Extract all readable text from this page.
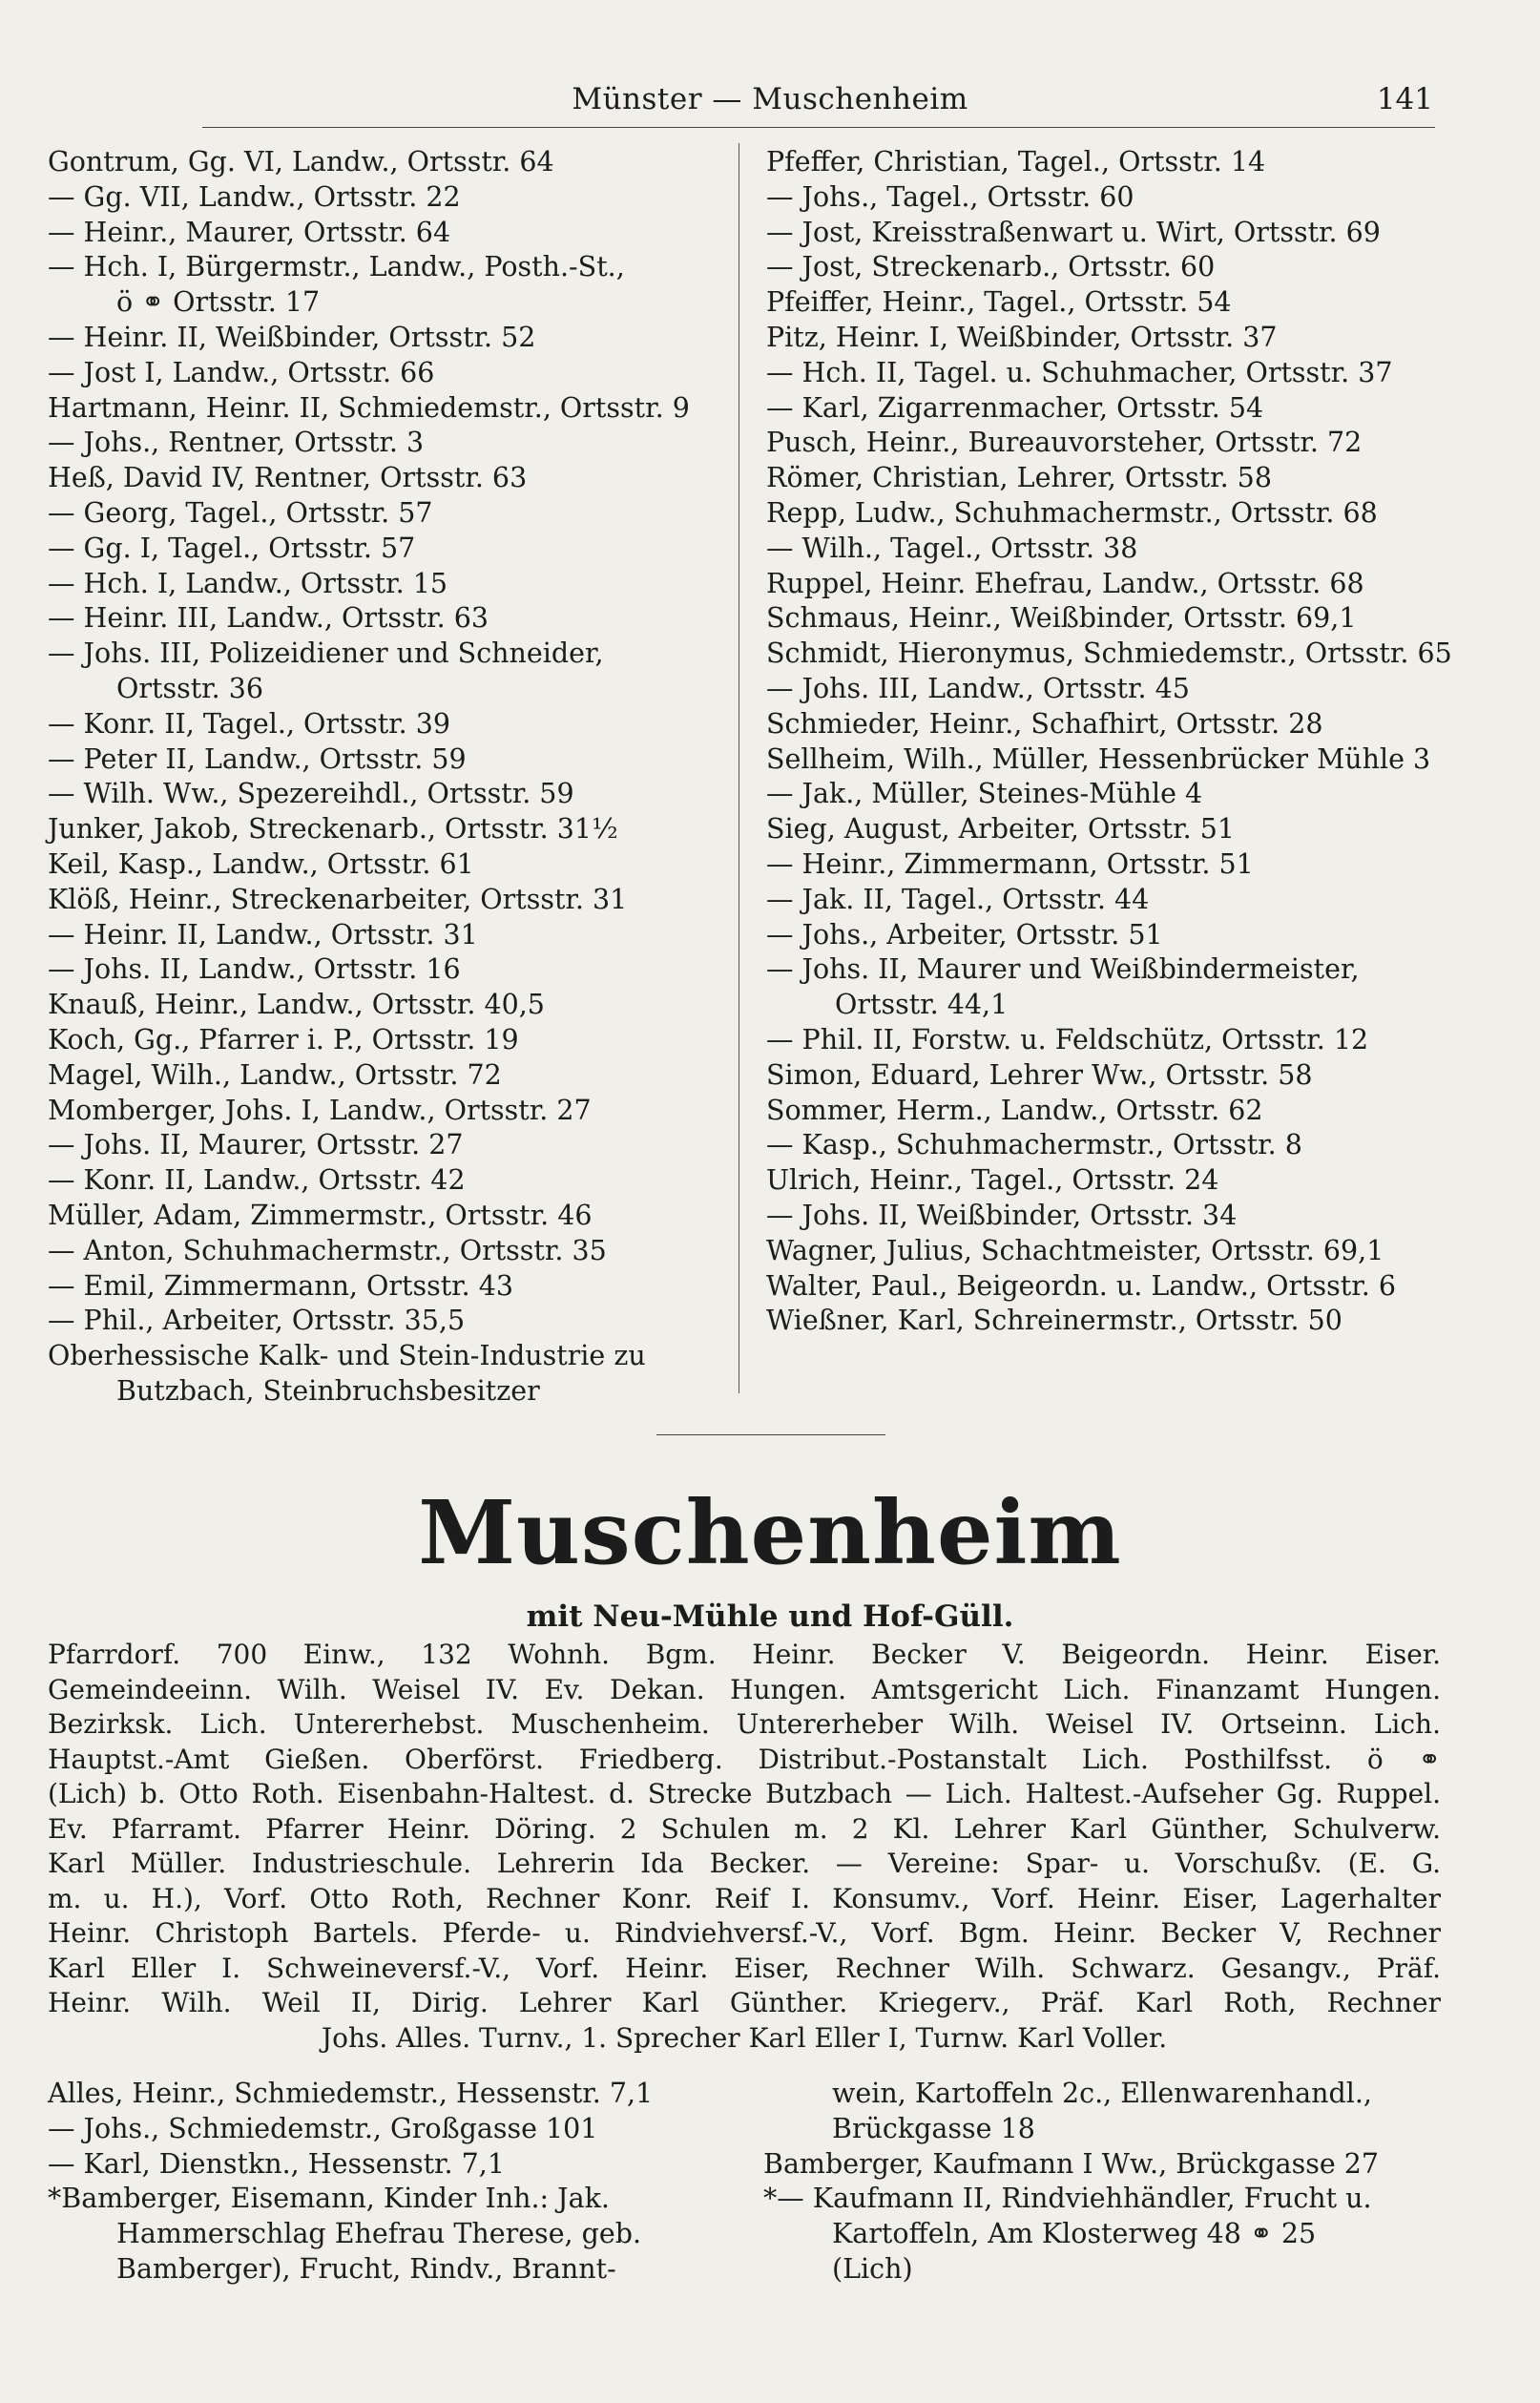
Münster — Muschenheim	141
Gontrum, Gg. VI, Landw., Ortsstr. 64
— Gg. VII, Landw., Ortsstr. 22
— Heinr., Maurer, Ortsstr. 64
— Hch. I, Bürgermstr., Landw., Posth.-St.,
ö ⚭ Ortsstr. 17
— Heinr. II, Weißbinder, Ortsstr. 52
— Jost I, Landw., Ortsstr. 66
Hartmann, Heinr. II, Schmiedemstr., Ortsstr. 9
— Johs., Rentner, Ortsstr. 3
Heß, David IV, Rentner, Ortsstr. 63
— Georg, Tagel., Ortsstr. 57
— Gg. I, Tagel., Ortsstr. 57
— Hch. I, Landw., Ortsstr. 15
— Heinr. III, Landw., Ortsstr. 63
— Johs. III, Polizeidiener und Schneider,
Ortsstr. 36
— Konr. II, Tagel., Ortsstr. 39
— Peter II, Landw., Ortsstr. 59
— Wilh. Ww., Spezereihdl., Ortsstr. 59
Junker, Jakob, Streckenarb., Ortsstr. 31½
Keil, Kasp., Landw., Ortsstr. 61
Klöß, Heinr., Streckenarbeiter, Ortsstr. 31
— Heinr. II, Landw., Ortsstr. 31
— Johs. II, Landw., Ortsstr. 16
Knauß, Heinr., Landw., Ortsstr. 40,5
Koch, Gg., Pfarrer i. P., Ortsstr. 19
Magel, Wilh., Landw., Ortsstr. 72
Momberger, Johs. I, Landw., Ortsstr. 27
— Johs. II, Maurer, Ortsstr. 27
— Konr. II, Landw., Ortsstr. 42
Müller, Adam, Zimmermstr., Ortsstr. 46
— Anton, Schuhmachermstr., Ortsstr. 35
— Emil, Zimmermann, Ortsstr. 43
— Phil., Arbeiter, Ortsstr. 35,5
Oberhessische Kalk- und Stein-Industrie zu
Butzbach, Steinbruchsbesitzer
Pfeffer, Christian, Tagel., Ortsstr. 14
— Johs., Tagel., Ortsstr. 60
— Jost, Kreisstraßenwart u. Wirt, Ortsstr. 69
— Jost, Streckenarb., Ortsstr. 60
Pfeiffer, Heinr., Tagel., Ortsstr. 54
Pitz, Heinr. I, Weißbinder, Ortsstr. 37
— Hch. II, Tagel. u. Schuhmacher, Ortsstr. 37
— Karl, Zigarrenmacher, Ortsstr. 54
Pusch, Heinr., Bureauvorsteher, Ortsstr. 72
Römer, Christian, Lehrer, Ortsstr. 58
Repp, Ludw., Schuhmachermstr., Ortsstr. 68
— Wilh., Tagel., Ortsstr. 38
Ruppel, Heinr. Ehefrau, Landw., Ortsstr. 68
Schmaus, Heinr., Weißbinder, Ortsstr. 69,1
Schmidt, Hieronymus, Schmiedemstr., Ortsstr. 65
— Johs. III, Landw., Ortsstr. 45
Schmieder, Heinr., Schafhirt, Ortsstr. 28
Sellheim, Wilh., Müller, Hessenbrücker Mühle 3
— Jak., Müller, Steines-Mühle 4
Sieg, August, Arbeiter, Ortsstr. 51
— Heinr., Zimmermann, Ortsstr. 51
— Jak. II, Tagel., Ortsstr. 44
— Johs., Arbeiter, Ortsstr. 51
— Johs. II, Maurer und Weißbindermeister,
Ortsstr. 44,1
— Phil. II, Forstw. u. Feldschütz, Ortsstr. 12
Simon, Eduard, Lehrer Ww., Ortsstr. 58
Sommer, Herm., Landw., Ortsstr. 62
— Kasp., Schuhmachermstr., Ortsstr. 8
Ulrich, Heinr., Tagel., Ortsstr. 24
— Johs. II, Weißbinder, Ortsstr. 34
Wagner, Julius, Schachtmeister, Ortsstr. 69,1
Walter, Paul., Beigeordn. u. Landw., Ortsstr. 6
Wießner, Karl, Schreinermstr., Ortsstr. 50
Muschenheim
mit Neu-Mühle und Hof-Güll.
Pfarrdorf. 700 Einw., 132 Wohnh. Bgm. Heinr. Becker V. Beigeordn. Heinr. Eiser.
Gemeindeeinn. Wilh. Weisel IV. Ev. Dekan. Hungen. Amtsgericht Lich. Finanzamt Hungen.
Bezirksk. Lich. Untererhebst. Muschenheim. Untererheber Wilh. Weisel IV. Ortseinn. Lich.
Hauptst.-Amt Gießen. Oberförst. Friedberg. Distribut.-Postanstalt Lich. Posthilfsst. ö ⚭
(Lich) b. Otto Roth. Eisenbahn-Haltest. d. Strecke Butzbach — Lich. Haltest.-Aufseher Gg. Ruppel.
Ev. Pfarramt. Pfarrer Heinr. Döring. 2 Schulen m. 2 Kl. Lehrer Karl Günther, Schulverw.
Karl Müller. Industrieschule. Lehrerin Ida Becker. — Vereine: Spar- u. Vorschußv. (E. G.
m. u. H.), Vorf. Otto Roth, Rechner Konr. Reif I. Konsumv., Vorf. Heinr. Eiser, Lagerhalter
Heinr. Christoph Bartels. Pferde- u. Rindviehversf.-V., Vorf. Bgm. Heinr. Becker V, Rechner
Karl Eller I. Schweineversf.-V., Vorf. Heinr. Eiser, Rechner Wilh. Schwarz. Gesangv., Präf.
Heinr. Wilh. Weil II, Dirig. Lehrer Karl Günther. Kriegerv., Präf. Karl Roth, Rechner
Johs. Alles. Turnv., 1. Sprecher Karl Eller I, Turnw. Karl Voller.
Alles, Heinr., Schmiedemstr., Hessenstr. 7,1
— Johs., Schmiedemstr., Großgasse 101
— Karl, Dienstkn., Hessenstr. 7,1
*Bamberger, Eisemann, Kinder Inh.: Jak.
Hammerschlag Ehefrau Therese, geb.
Bamberger), Frucht, Rindv., Brannt-
wein, Kartoffeln 2c., Ellenwarenhandl.,
Brückgasse 18
Bamberger, Kaufmann I Ww., Brückgasse 27
*— Kaufmann II, Rindviehhändler, Frucht u.
Kartoffeln, Am Klosterweg 48 ⚭ 25
(Lich)
